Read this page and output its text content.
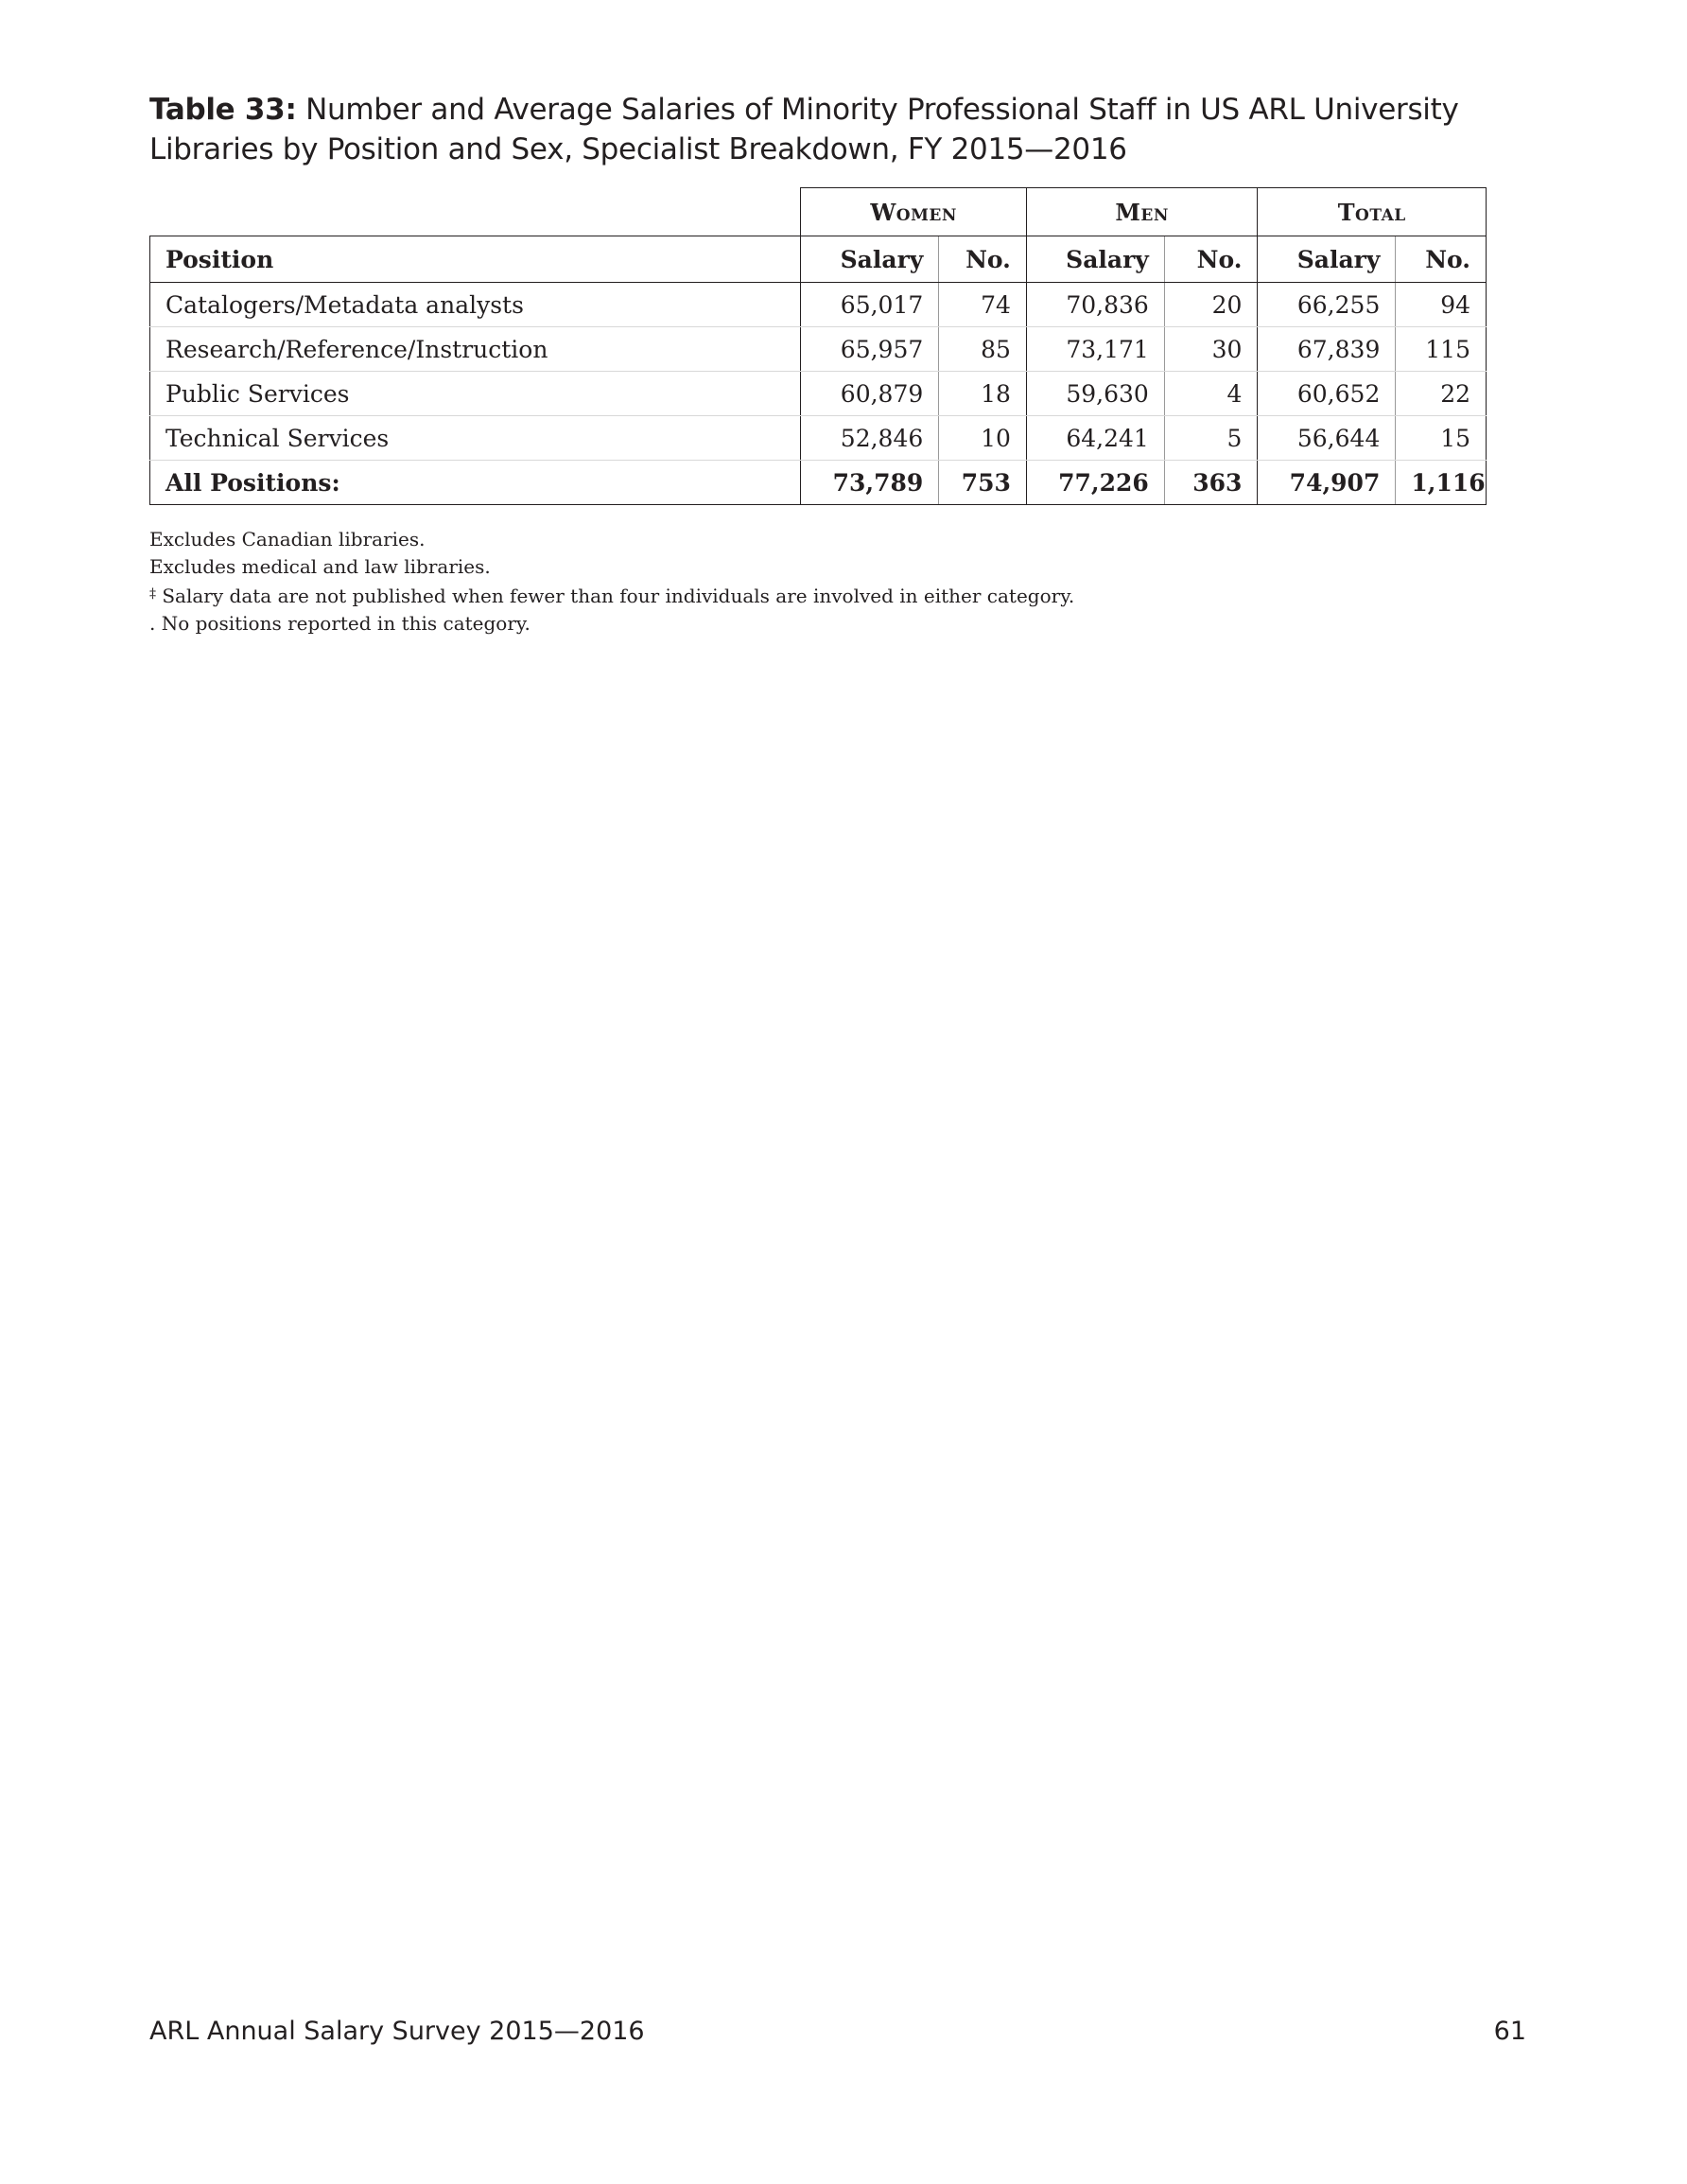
Table 33: Number and Average Salaries of Minority Professional Staff in US ARL University Libraries by Position and Sex, Specialist Breakdown, FY 2015—2016
	Women		Men		Total	
Position	Salary	No.	Salary	No.	Salary	No.
Catalogers/Metadata analysts	65,017	74	70,836	20	66,255	94
Research/Reference/Instruction	65,957	85	73,171	30	67,839	115
Public Services	60,879	18	59,630	4	60,652	22
Technical Services	52,846	10	64,241	5	56,644	15
All Positions:	73,789	753	77,226	363	74,907	1,116
Excludes Canadian libraries.
Excludes medical and law libraries.
‡ Salary data are not published when fewer than four individuals are involved in either category.
. No positions reported in this category.
ARL Annual Salary Survey 2015—2016	61
